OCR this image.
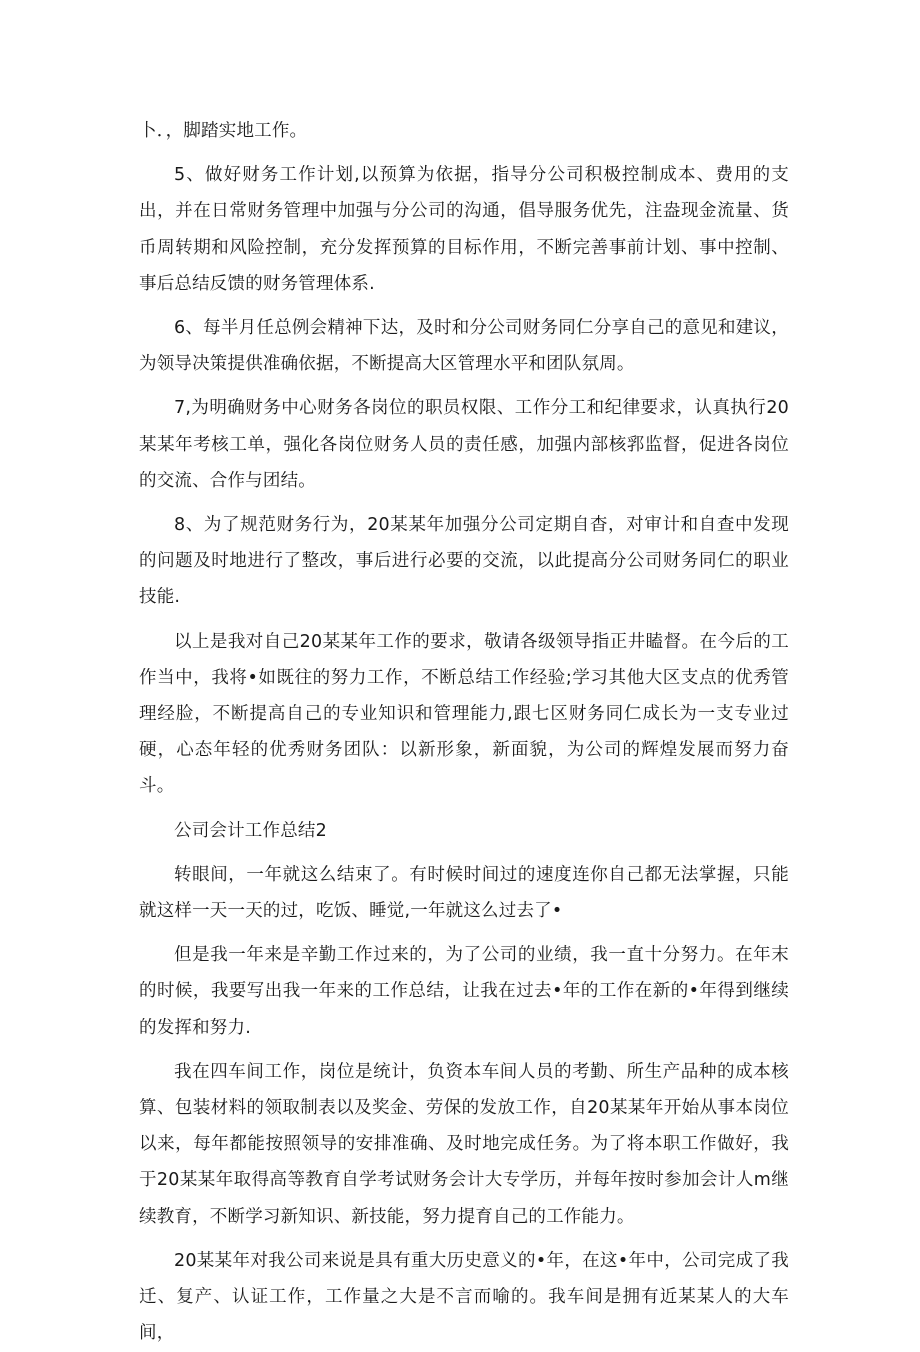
卜．，脚踏实地工作。

5、做好财务工作计划,以预算为依据，指导分公司积极控制成本、费用的支出，并在日常财务管理中加强与分公司的沟通，倡导服务优先，注盎现金流量、货币周转期和风险控制，充分发挥预算的目标作用，不断完善事前计划、事中控制、事后总结反馈的财务管理体系.

6、每半月任总例会精神下达，及时和分公司财务同仁分享自己的意见和建议，为领导决策提供准确依据，不断提高大区管理水平和团队氛周。

7,为明确财务中心财务各岗位的职员权限、工作分工和纪律要求，认真执行20某某年考核工单，强化各岗位财务人员的责任感，加强内部核郛监督，促进各岗位的交流、合作与团结。

8、为了规范财务行为，20某某年加强分公司定期自杳，对审计和自查中发现的问题及时地进行了整改，事后进行必要的交流，以此提高分公司财务同仁的职业技能.

以上是我对自己20某某年工作的要求，敬请各级领导指正井瞌督。在今后的工作当中，我将•如既往的努力工作，不断总结工作经验;学习其他大区支点的优秀管理经脸，不断提高自己的专业知识和管理能力,跟七区财务同仁成长为一支专业过硬，心态年轻的优秀财务团队：以新形象，新面貌，为公司的辉煌发展而努力奋斗。

公司会计工作总结2

转眼间，一年就这么结束了。有时候时间过的速度连你自己都无法掌握，只能就这样一天一天的过，吃饭、睡觉,一年就这么过去了•

但是我一年来是辛勤工作过来的，为了公司的业绩，我一直十分努力。在年末的时候，我要写出我一年来的工作总结，让我在过去•年的工作在新的•年得到继续的发挥和努力.

我在四车间工作，岗位是统计，负资本车间人员的考勤、所生产品种的成本核算、包装材料的领取制表以及奖金、劳保的发放工作，自20某某年开始从事本岗位以来，每年都能按照领导的安排准确、及时地完成任务。为了将本职工作做好，我于20某某年取得高等教育自学考试财务会计大专学历，并每年按时参加会计人m继续教育，不断学习新知识、新技能，努力提育自己的工作能力。

20某某年对我公司来说是具有重大历史意义的•年，在这•年中，公司完成了我迁、复产、认证工作，工作量之大是不言而喻的。我车间是拥有近某某人的大车间，
